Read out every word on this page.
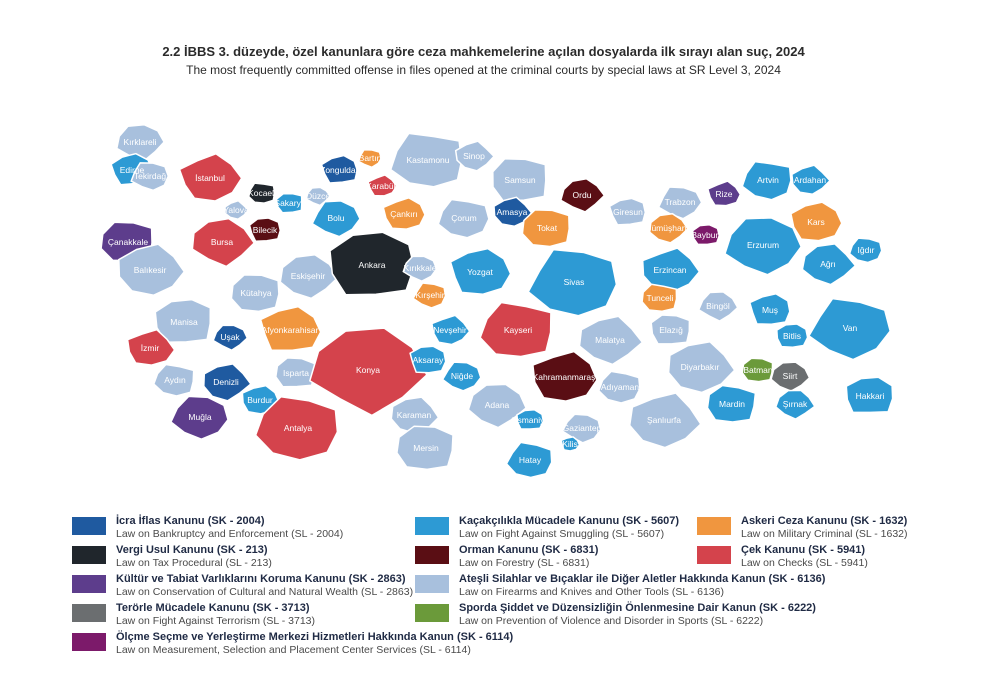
2.2 İBBS 3. düzeyde, özel kanunlara göre ceza mahkemelerine açılan dosyalarda ilk sırayı alan suç, 2024
The most frequently committed offense in files opened at the criminal courts by special laws at SR Level 3, 2024
Kırklareli
Edirne
Tekirdağ	İstanbul
Kocaeli
Yalova
Sakarya
Düzce
Zonguldak
Bartın
Karabük
Kastamonu Sinop
Samsun
Ordu
Giresun
Trabzon
Rize
Artvin Ardahan
Çanakkale	Bursa
Bilecik
Bolu	Çankırı	Çorum
Amasya
Tokat	Gümüşhane
Bayburt
Erzurum
Kars
Iğdır
Balıkesir
Kütahya
Eskişehir
Ankara Kırıkkale	Yozgat
Sivas
Erzincan
Tunceli
Ağrı
Manisa
Uşak
Afyonkarahisar
Kırşehir
Nevşehir	Kayseri
Malatya
Elazığ
Bingöl	Muş
Van
İzmir
Aydın	Denizli
Isparta	Konya
Aksaray
Niğde	Kahramanmaraş
Adıyaman
Diyarbakır	Batman
Siirt
Bitlis
Muğla
Burdur
Antalya
Karaman
Mersin
Adana
Osmaniye
Gaziantep
Kilis
Hatay
Şanlıurfa
Mardin	Şırnak
Hakkari
İcra İflas Kanunu (SK - 2004)
Law on Bankruptcy and Enforcement (SL - 2004)
Vergi Usul Kanunu (SK - 213)
Law on Tax Procedural (SL - 213)
Kültür ve Tabiat Varlıklarını Koruma Kanunu (SK - 2863)
Law on Conservation of Cultural and Natural Wealth (SL - 2863)
Terörle Mücadele Kanunu (SK - 3713)
Law on Fight Against Terrorism (SL - 3713)
Ölçme Seçme ve Yerleştirme Merkezi Hizmetleri Hakkında Kanun (SK - 6114)
Law on Measurement, Selection and Placement Center Services (SL - 6114)
Kaçakçılıkla Mücadele Kanunu (SK - 5607)
Law on Fight Against Smuggling (SL - 5607)
Orman Kanunu (SK - 6831)
Law on Forestry (SL - 6831)
Ateşli Silahlar ve Bıçaklar ile Diğer Aletler Hakkında Kanun (SK - 6136)
Law on Firearms and Knives and Other Tools (SL - 6136)
Sporda Şiddet ve Düzensizliğin Önlenmesine Dair Kanun (SK - 6222)
Law on Prevention of Violence and Disorder in Sports (SL - 6222)
Askeri Ceza Kanunu (SK - 1632)
Law on Military Criminal (SL - 1632)
Çek Kanunu (SK - 5941)
Law on Checks (SL - 5941)
